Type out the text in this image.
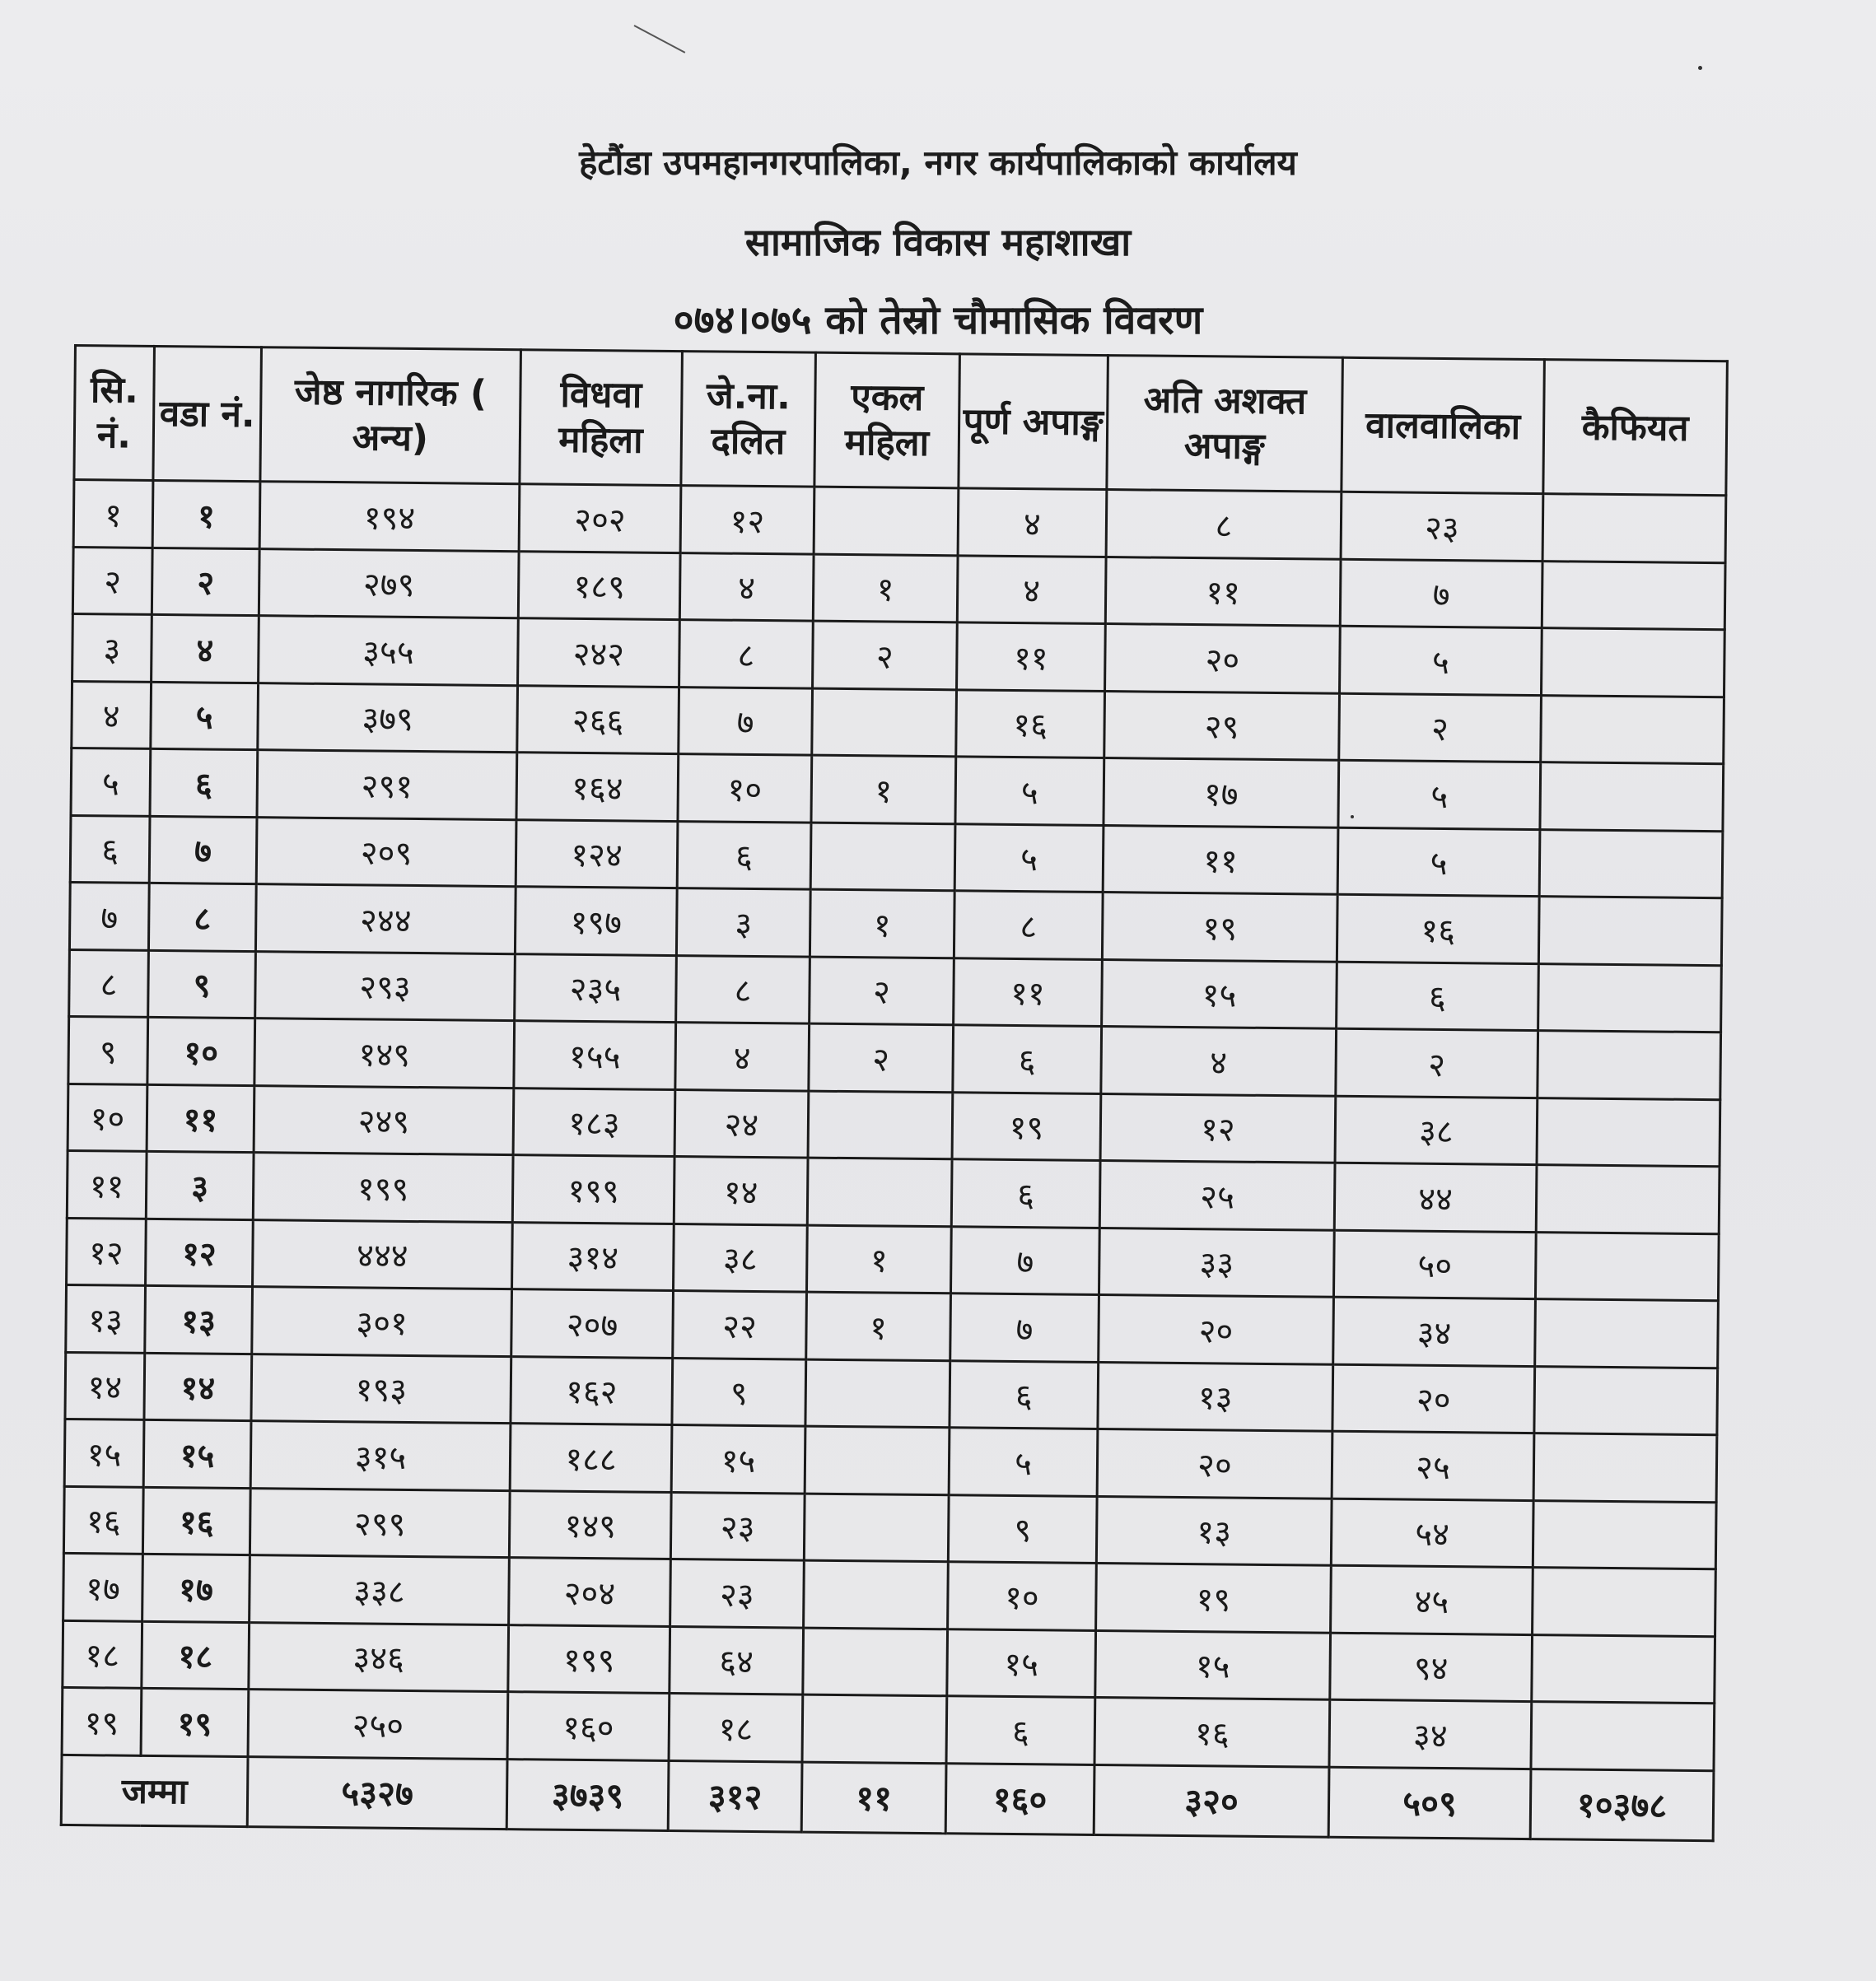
हेटौंडा उपमहानगरपालिका, नगर कार्यपालिकाको कार्यालय
सामाजिक विकास महाशाखा
०७४।०७५ को तेस्रो चौमासिक विवरण
सि. नं.	वडा नं.	जेष्ठ नागरिक ( अन्य)	विधवा महिला	जे.ना. दलित	एकल महिला	पूर्ण अपाङ्ग	अति अशक्त अपाङ्ग	वालवालिका	कैफियत
१	१	१९४	२०२	१२		४	८	२३	
२	२	२७९	१८९	४	१	४	११	७	
३	४	३५५	२४२	८	२	११	२०	५	
४	५	३७९	२६६	७		१६	२९	२	
५	६	२९१	१६४	१०	१	५	१७	५	
६	७	२०९	१२४	६		५	११	५	
७	८	२४४	१९७	३	१	८	१९	१६	
८	९	२९३	२३५	८	२	११	१५	६	
९	१०	१४९	१५५	४	२	६	४	२	
१०	११	२४९	१८३	२४		१९	१२	३८	
११	३	१९९	१९९	१४		६	२५	४४	
१२	१२	४४४	३१४	३८	१	७	३३	५०	
१३	१३	३०१	२०७	२२	१	७	२०	३४	
१४	१४	१९३	१६२	९		६	१३	२०	
१५	१५	३१५	१८८	१५		५	२०	२५	
१६	१६	२९९	१४९	२३		९	१३	५४	
१७	१७	३३८	२०४	२३		१०	१९	४५	
१८	१८	३४६	१९९	६४		१५	१५	९४	
१९	१९	२५०	१६०	१८		६	१६	३४	
जम्मा		५३२७	३७३९	३१२	११	१६०	३२०	५०९	१०३७८
